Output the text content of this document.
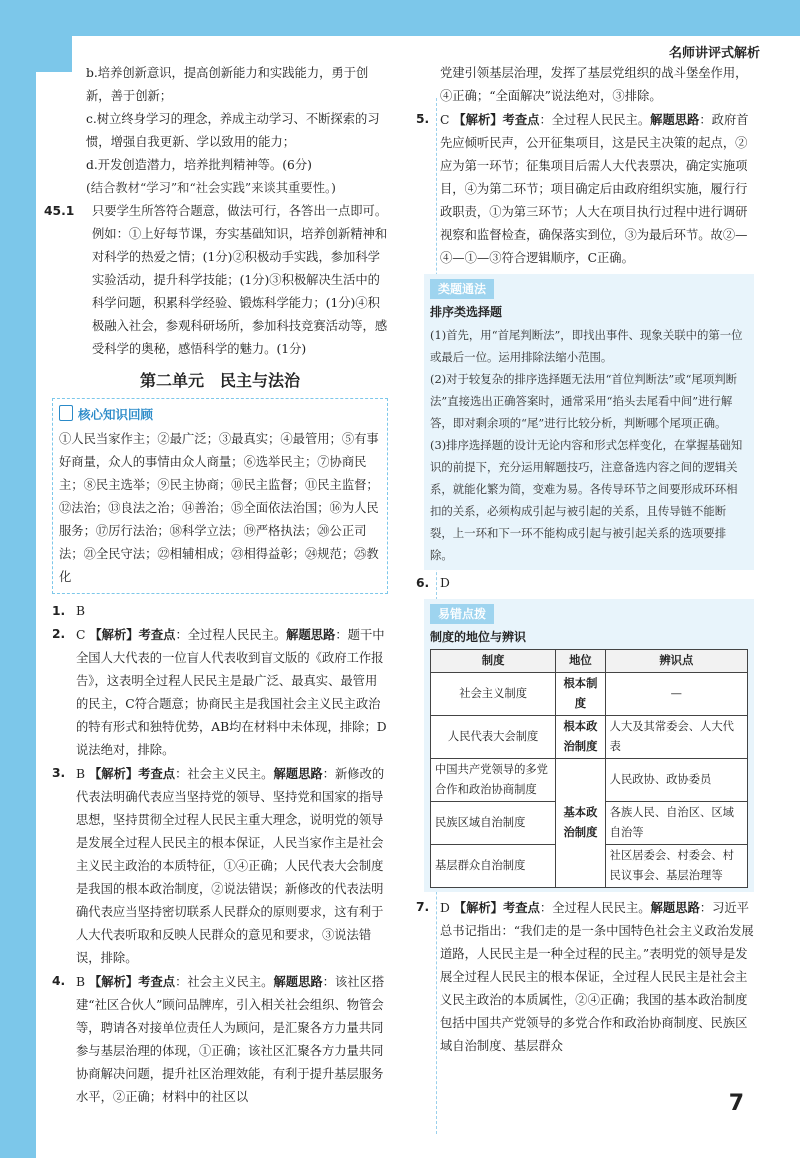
名师讲评式解析
7

b.培养创新意识，提高创新能力和实践能力，勇于创新，善于创新；

c.树立终身学习的理念，养成主动学习、不断探索的习惯，增强自我更新、学以致用的能力；

d.开发创造潜力，培养批判精神等。(6分)

(结合教材“学习”和“社会实践”来谈其重要性。)

45.1 只要学生所答符合题意，做法可行，各答出一点即可。例如：①上好每节课，夯实基础知识，培养创新精神和对科学的热爱之情；(1分)②积极动手实践，参加科学实验活动，提升科学技能；(1分)③积极解决生活中的科学问题，积累科学经验、锻炼科学能力；(1分)④积极融入社会，参观科研场所，参加科技竞赛活动等，感受科学的奥秘，感悟科学的魅力。(1分)
第二单元　民主与法治
核心知识回顾

①人民当家作主；②最广泛；③最真实；④最管用；⑤有事好商量，众人的事情由众人商量；⑥选举民主；⑦协商民主；⑧民主选举；⑨民主协商；⑩民主监督；⑪民主监督；⑫法治；⑬良法之治；⑭善治；⑮全面依法治国；⑯为人民服务；⑰厉行法治；⑱科学立法；⑲严格执法；⑳公正司法；㉑全民守法；㉒相辅相成；㉓相得益彰；㉔规范；㉕教化

1. B
2. C 【解析】考查点：全过程人民民主。解题思路：题干中全国人大代表的一位盲人代表收到盲文版的《政府工作报告》，这表明全过程人民民主是最广泛、最真实、最管用的民主，C符合题意；协商民主是我国社会主义民主政治的特有形式和独特优势，AB均在材料中未体现，排除；D说法绝对，排除。
3. B 【解析】考查点：社会主义民主。解题思路：新修改的代表法明确代表应当坚持党的领导、坚持党和国家的指导思想，坚持贯彻全过程人民民主重大理念，说明党的领导是发展全过程人民民主的根本保证，人民当家作主是社会主义民主政治的本质特征，①④正确；人民代表大会制度是我国的根本政治制度，②说法错误；新修改的代表法明确代表应当坚持密切联系人民群众的原则要求，这有利于人大代表听取和反映人民群众的意见和要求，③说法错误，排除。
4. B 【解析】考查点：社会主义民主。解题思路：该社区搭建“社区合伙人”顾问品牌库，引入相关社会组织、物管会等，聘请各对接单位责任人为顾问，是汇聚各方力量共同参与基层治理的体现，①正确；该社区汇聚各方力量共同协商解决问题，提升社区治理效能，有利于提升基层服务水平，②正确；材料中的社区以

党建引领基层治理，发挥了基层党组织的战斗堡垒作用，④正确；“全面解决”说法绝对，③排除。

5. C 【解析】考查点：全过程人民民主。解题思路：政府首先应倾听民声，公开征集项目，这是民主决策的起点，②应为第一环节；征集项目后需人大代表票决，确定实施项目，④为第二环节；项目确定后由政府组织实施，履行行政职责，①为第三环节；人大在项目执行过程中进行调研视察和监督检查，确保落实到位，③为最后环节。故②—④—①—③符合逻辑顺序，C正确。
类题通法
排序类选择题

(1)首先，用“首尾判断法”，即找出事件、现象关联中的第一位或最后一位。运用排除法缩小范围。

(2)对于较复杂的排序选择题无法用“首位判断法”或“尾项判断法”直接选出正确答案时，通常采用“掐头去尾看中间”进行解答，即对剩余项的“尾”进行比较分析，判断哪个尾项正确。

(3)排序选择题的设计无论内容和形式怎样变化，在掌握基础知识的前提下，充分运用解题技巧，注意备选内容之间的逻辑关系，就能化繁为简，变难为易。各传导环节之间要形成环环相扣的关系，必须构成引起与被引起的关系，且传导链不能断裂，上一环和下一环不能构成引起与被引起关系的选项要排除。

6. D
易错点拨
制度的地位与辨识
制度	地位	辨识点
社会主义制度	根本制度	—
人民代表大会制度	根本政治制度	人大及其常委会、人大代表
中国共产党领导的多党合作和政治协商制度	基本政治制度	人民政协、政协委员
民族区域自治制度		各族人民、自治区、区域自治等
基层群众自治制度		社区居委会、村委会、村民议事会、基层治理等
7. D 【解析】考查点：全过程人民民主。解题思路：习近平总书记指出：“我们走的是一条中国特色社会主义政治发展道路，人民民主是一种全过程的民主。”表明党的领导是发展全过程人民民主的根本保证，全过程人民民主是社会主义民主政治的本质属性，②④正确；我国的基本政治制度包括中国共产党领导的多党合作和政治协商制度、民族区域自治制度、基层群众
